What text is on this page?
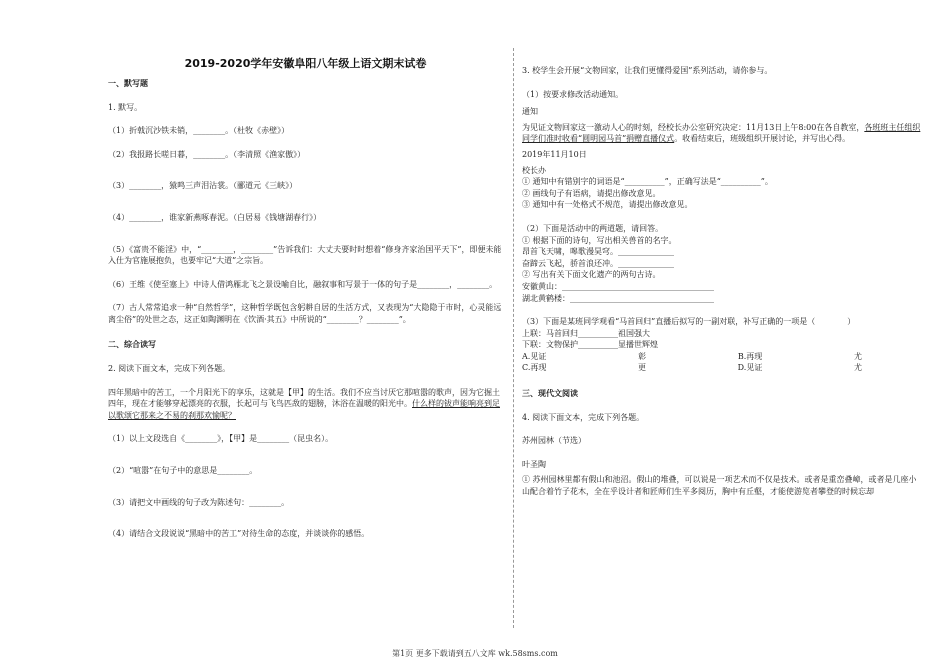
2019-2020学年安徽阜阳八年级上语文期末试卷
一、默写题

1. 默写。

（1）折戟沉沙铁未销，________。（杜牧《赤壁》）

（2）我报路长嗟日暮，________。（李清照《渔家傲》）

（3）________，猿鸣三声泪沾裳。（郦道元《三峡》）

（4）________，谁家新燕啄春泥。（白居易《钱塘湖春行》）

（5）《富贵不能淫》中，“________，________”告诉我们：大丈夫要时时想着“修身齐家治国平天下”，即便未能入仕为官施展抱负，也要牢记“大道”之宗旨。

（6）王维《使至塞上》中诗人借鸿雁北飞之景设喻自比，融叙事和写景于一体的句子是________，________。

（7）古人常常追求一种“自然哲学”，这种哲学既包含躬耕自居的生活方式，又表现为“大隐隐于市时，心灵能远离尘俗”的处世之态，这正如陶渊明在《饮酒·其五》中所说的“________？________”。

二、综合读写

2. 阅读下面文本，完成下列各题。

四年黑暗中的苦工，一个月阳光下的享乐，这就是【甲】的生活。我们不应当讨厌它那喧嚣的歌声，因为它掘土四年，现在才能够穿起漂亮的衣服，长起可与飞鸟匹敌的翅膀，沐浴在温暖的阳光中。什么样的钹声能响亮到足以歌颂它那来之不易的刹那欢愉呢？

（1）以上文段选自《________》，【甲】是________（昆虫名）。

（2）“喧嚣”在句子中的意思是________。

（3）请把文中画线的句子改为陈述句：________。

（4）请结合文段说说“黑暗中的苦工”对待生命的态度，并谈谈你的感悟。

3. 校学生会开展“文物回家，让我们更懂得爱国”系列活动，请你参与。

（1）按要求修改活动通知。

通知

为见证文物回家这一激动人心的时刻，经校长办公室研究决定：11月13日上午8:00在各自教室，各班班主任组织同学们准时收看“圆明园马首”捐赠直播仪式。收看结束后，班级组织开展讨论，并写出心得。

2019年11月10日

校长办

① 通知中有错别字的词语是“__________”，正确写法是“__________”。

② 画线句子有语病，请提出修改意见。

③ 通知中有一处格式不规范，请提出修改意见。

（2）下面是活动中的两道题，请回答。

① 根据下面的诗句，写出相关兽首的名字。

昂首飞天啸，嗥歌漫昊穹。______________

奋蹄云飞起，骄首浪还冲。______________

② 写出有关下面文化遗产的两句古诗。

安徽黄山：______________________________________

湖北黄鹤楼：____________________________________

（3）下面是某班同学观看“马首回归”直播后拟写的一副对联，补写正确的一项是（　　　　）

上联：马首回归__________祖国强大

下联：文物保护__________显播世辉煌

A.见证	彰	B.再现	尤
C.再现	更	D.见证	尤
三、现代文阅读

4. 阅读下面文本，完成下列各题。

苏州园林（节选）

叶圣陶

① 苏州园林里都有假山和池沼。假山的堆叠，可以说是一项艺术而不仅是技术。或者是重峦叠嶂，或者是几座小山配合着竹子花木，全在乎设计者和匠师们生平多阅历，胸中有丘壑，才能使游览者攀登的时候忘却

第1页 更多下载请到五八文库 wk.58sms.com
